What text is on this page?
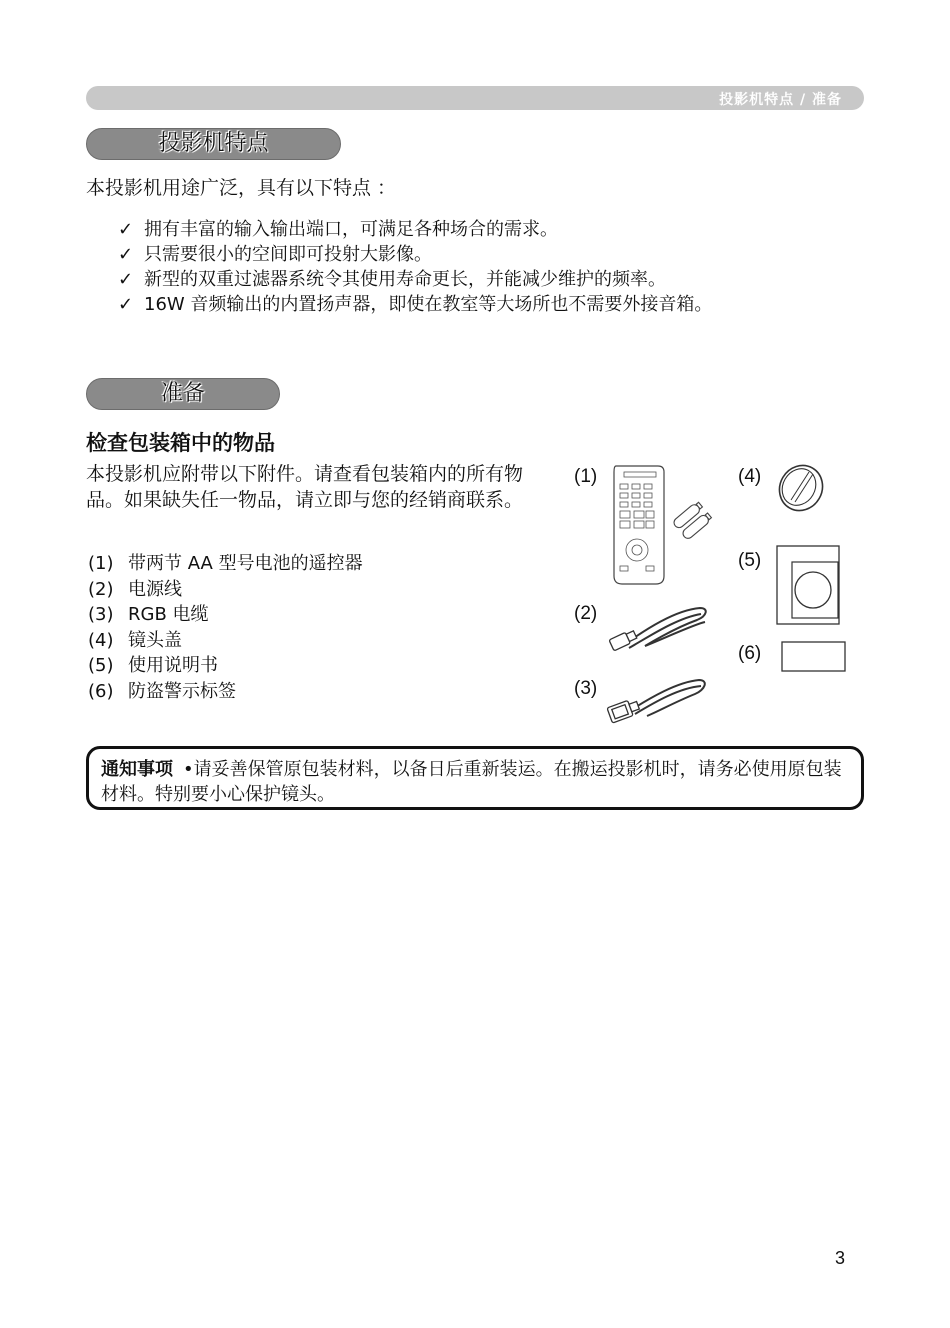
投影机特点 / 准备
投影机特点
本投影机用途广泛，具有以下特点 ：
✓ 拥有丰富的输入输出端口，可满足各种场合的需求。
✓ 只需要很小的空间即可投射大影像。
✓ 新型的双重过滤器系统令其使用寿命更长，并能减少维护的频率。
✓ 16W 音频输出的内置扬声器，即使在教室等大场所也不需要外接音箱。
准备
检查包装箱中的物品
本投影机应附带以下附件。请查看包装箱内的所有物品。如果缺失任一物品，请立即与您的经销商联系。
(1) 带两节 AA 型号电池的遥控器
(2) 电源线
(3) RGB 电缆
(4) 镜头盖
(5) 使用说明书
(6) 防盗警示标签
(1)
(2)
(3)
(4)
(5)
(6)
通知事项 •请妥善保管原包装材料，以备日后重新装运。在搬运投影机时，请务必使用原包装材料。特别要小心保护镜头。
3
